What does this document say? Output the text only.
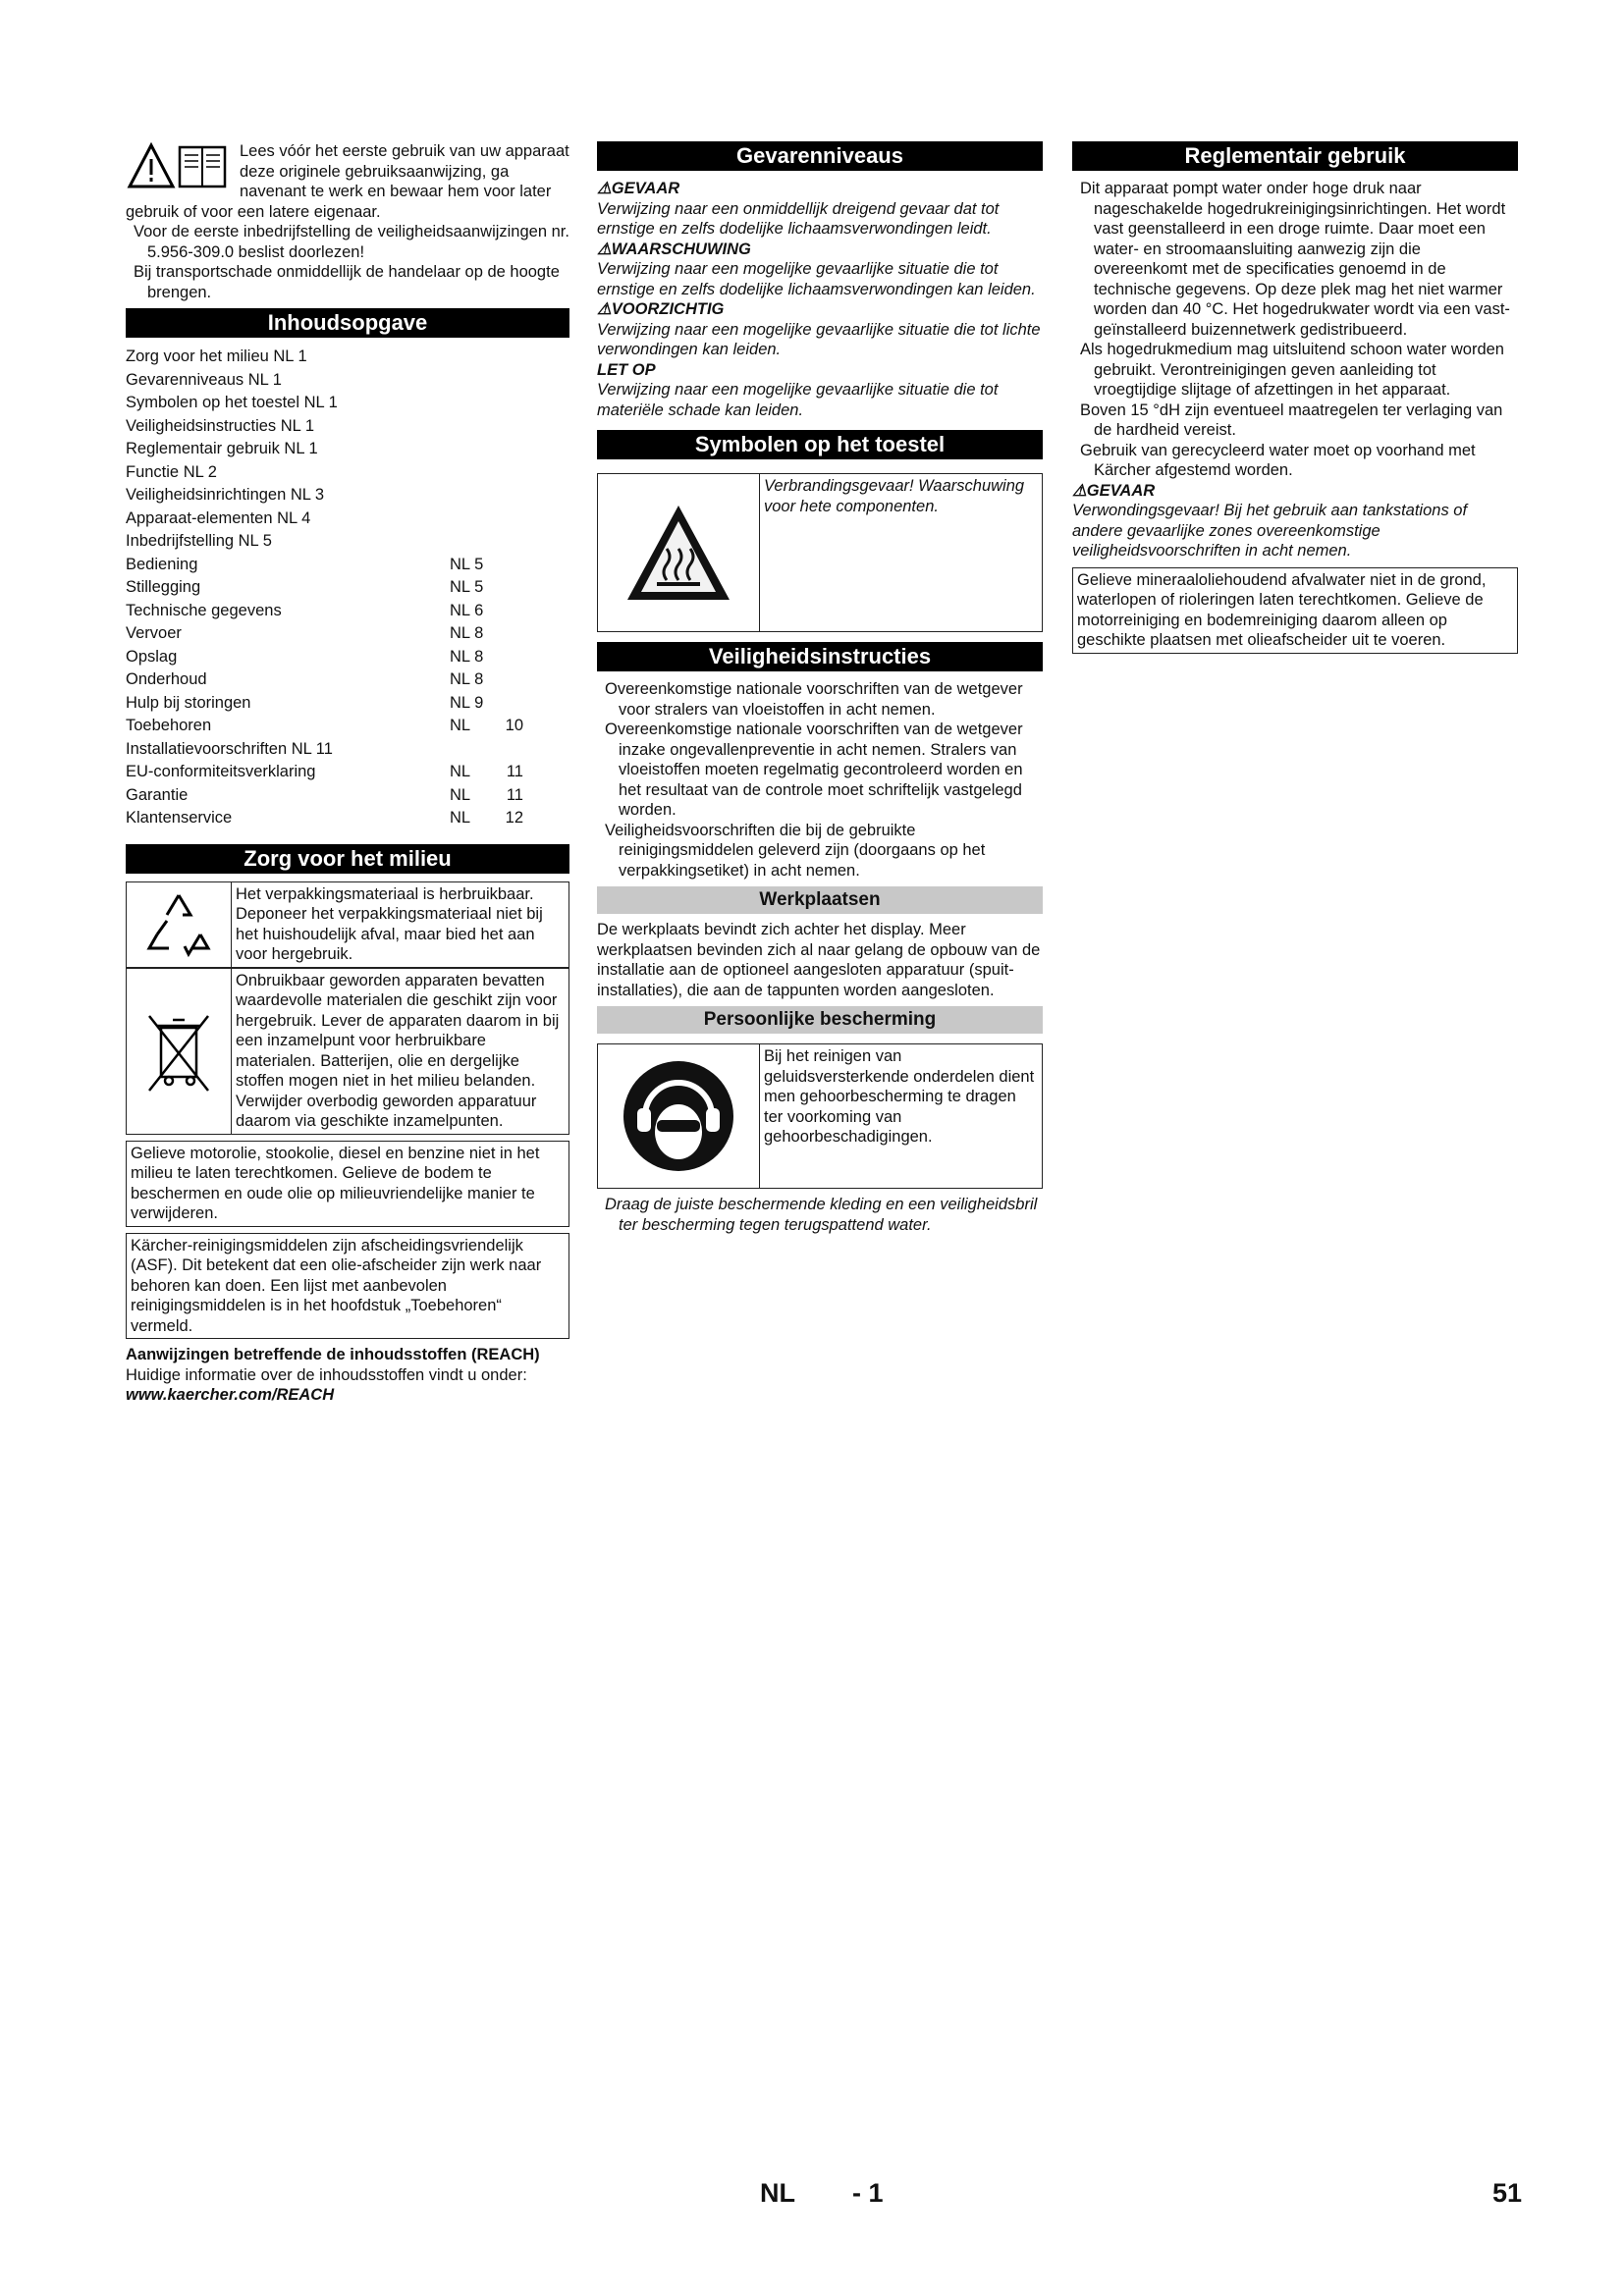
Lees vóór het eerste gebruik van uw apparaat deze originele gebruiksaanwijzing, ga navenant te werk en bewaar hem voor later gebruik of voor een latere eigenaar.

Voor de eerste inbedrijfstelling de veiligheidsaanwijzingen nr. 5.956-309.0 beslist doorlezen!

Bij transportschade onmiddellijk de handelaar op de hoogte brengen.

Inhoudsopgave
Zorg voor het milieu NL 1
Gevarenniveaus NL 1
Symbolen op het toestel NL 1
Veiligheidsinstructies NL 1
Reglementair gebruik NL 1
Functie NL 2
Veiligheidsinrichtingen NL 3
Apparaat-elementen NL 4
Inbedrijfstelling NL 5
Bediening	NL 5
Stillegging	NL 5
Technische gegevens	NL 6
Vervoer	NL 8
Opslag	NL 8
Onderhoud	NL 8
Hulp bij storingen	NL 9
Toebehoren	NL	10
Installatievoorschriften NL 11
EU-conformiteitsverklaring	NL	11
Garantie	NL	11
Klantenservice	NL	12
Zorg voor het milieu
Het verpakkingsmateriaal is herbruikbaar. Deponeer het verpakkingsmateriaal niet bij het huishoudelijk afval, maar bied het aan voor hergebruik.
Onbruikbaar geworden apparaten bevatten waardevolle materialen die geschikt zijn voor hergebruik. Lever de apparaten daarom in bij een inzamelpunt voor herbruikbare materialen. Batterijen, olie en dergelijke stoffen mogen niet in het milieu belanden. Verwijder overbodig geworden apparatuur daarom via geschikte inzamelpunten.
Gelieve motorolie, stookolie, diesel en benzine niet in het milieu te laten terechtkomen. Gelieve de bodem te beschermen en oude olie op milieuvriendelijke manier te verwijderen.
Kärcher-reinigingsmiddelen zijn afscheidingsvriendelijk (ASF). Dit betekent dat een olie-afscheider zijn werk naar behoren kan doen. Een lijst met aanbevolen reinigingsmiddelen is in het hoofdstuk „Toebehoren“ vermeld.

Aanwijzingen betreffende de inhoudsstoffen (REACH)

Huidige informatie over de inhoudsstoffen vindt u onder:

www.kaercher.com/REACH

Gevarenniveaus

⚠GEVAAR

Verwijzing naar een onmiddellijk dreigend gevaar dat tot ernstige en zelfs dodelijke lichaamsverwondingen leidt.

⚠WAARSCHUWING

Verwijzing naar een mogelijke gevaarlijke situatie die tot ernstige en zelfs dodelijke lichaamsverwondingen kan leiden.

⚠VOORZICHTIG

Verwijzing naar een mogelijke gevaarlijke situatie die tot lichte verwondingen kan leiden.

LET OP

Verwijzing naar een mogelijke gevaarlijke situatie die tot materiële schade kan leiden.

Symbolen op het toestel
Verbrandingsgevaar! Waarschuwing voor hete componenten.
Veiligheidsinstructies

Overeenkomstige nationale voorschriften van de wetgever voor stralers van vloeistoffen in acht nemen.

Overeenkomstige nationale voorschriften van de wetgever inzake ongevallenpreventie in acht nemen. Stralers van vloeistoffen moeten regelmatig gecontroleerd worden en het resultaat van de controle moet schriftelijk vastgelegd worden.

Veiligheidsvoorschriften die bij de gebruikte reinigingsmiddelen geleverd zijn (doorgaans op het verpakkingsetiket) in acht nemen.

Werkplaatsen

De werkplaats bevindt zich achter het display. Meer werkplaatsen bevinden zich al naar gelang de opbouw van de installatie aan de optioneel aangesloten apparatuur (spuit-installaties), die aan de tappunten worden aangesloten.

Persoonlijke bescherming
Bij het reinigen van geluidsversterkende onderdelen dient men gehoorbescherming te dragen ter voorkoming van gehoorbeschadigingen.

Draag de juiste beschermende kleding en een veiligheidsbril ter bescherming tegen terugspattend water.

Reglementair gebruik

Dit apparaat pompt water onder hoge druk naar nageschakelde hogedrukreinigingsinrichtingen. Het wordt vast geenstalleerd in een droge ruimte. Daar moet een water- en stroomaansluiting aanwezig zijn die overeenkomt met de specificaties genoemd in de technische gegevens. Op deze plek mag het niet warmer worden dan 40 °C. Het hogedrukwater wordt via een vast-geïnstalleerd buizennetwerk gedistribueerd.

Als hogedrukmedium mag uitsluitend schoon water worden gebruikt. Verontreinigingen geven aanleiding tot vroegtijdige slijtage of afzettingen in het apparaat.

Boven 15 °dH zijn eventueel maatregelen ter verlaging van de hardheid vereist.

Gebruik van gerecycleerd water moet op voorhand met Kärcher afgestemd worden.

⚠GEVAAR

Verwondingsgevaar! Bij het gebruik aan tankstations of andere gevaarlijke zones overeenkomstige veiligheidsvoorschriften in acht nemen.

Gelieve mineraaloliehoudend afvalwater niet in de grond, waterlopen of rioleringen laten terechtkomen. Gelieve de motorreiniging en bodemreiniging daarom alleen op geschikte plaatsen met olieafscheider uit te voeren.
NL - 1	51
